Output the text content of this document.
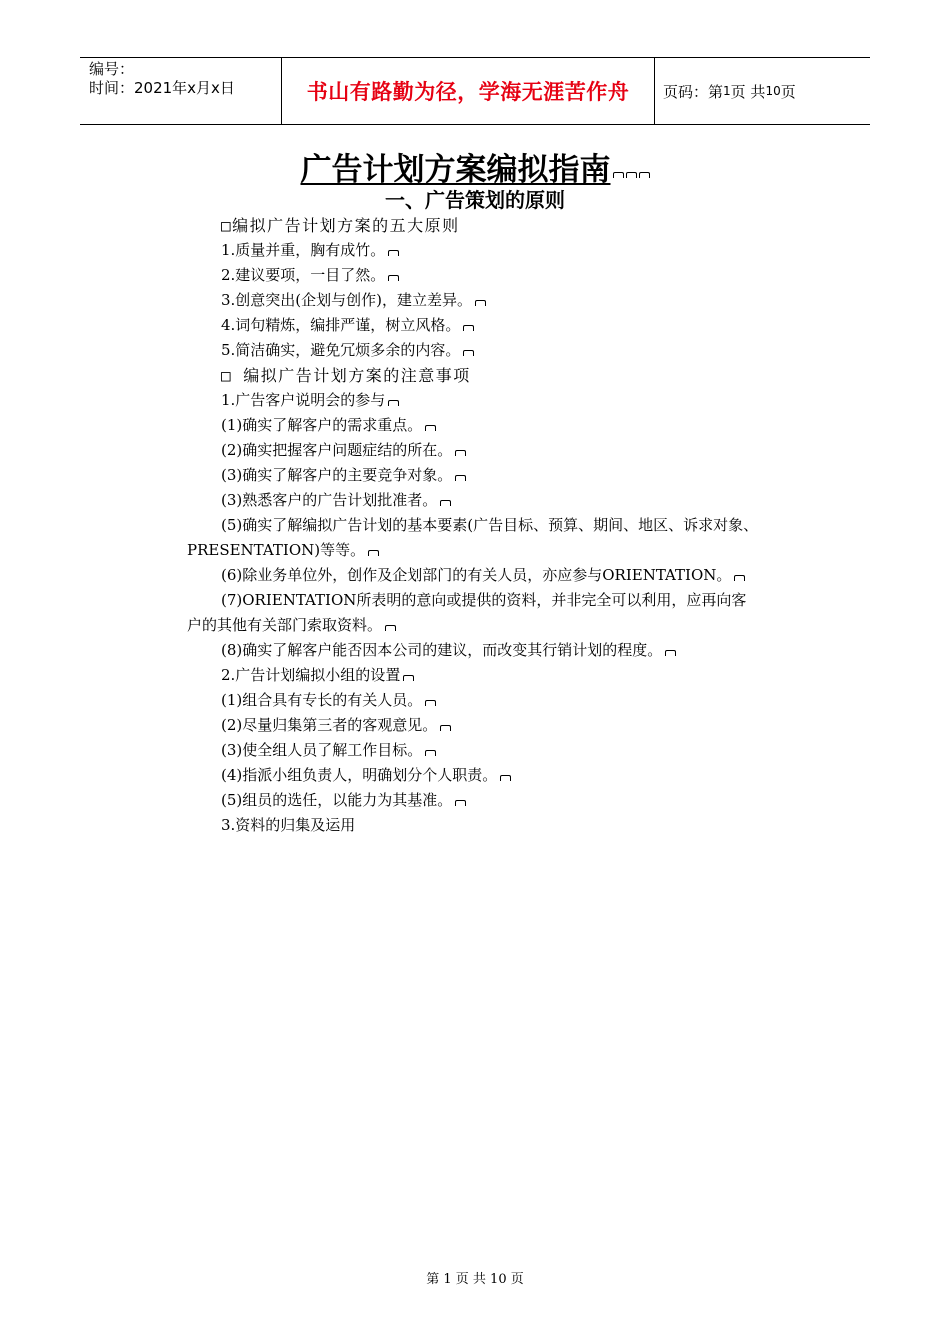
编号：
时间：2021年x月x日	书山有路勤为径，学海无涯苦作舟	页码：第 1 页 共 10 页
广告计划方案编拟指南
一、广告策划的原则
□编拟广告计划方案的五大原则
1.质量并重，胸有成竹。
2.建议要项，一目了然。
3.创意突出(企划与创作)，建立差异。
4.词句精炼，编排严谨，树立风格。
5.简洁确实，避免冗烦多余的内容。
□ 编拟广告计划方案的注意事项
1.广告客户说明会的参与
(1)确实了解客户的需求重点。
(2)确实把握客户问题症结的所在。
(3)确实了解客户的主要竞争对象。
(3)熟悉客户的广告计划批准者。
(5)确实了解编拟广告计划的基本要素(广告目标、预算、期间、地区、诉求对象、
PRESENTATION)等等。
(6)除业务单位外，创作及企划部门的有关人员，亦应参与ORIENTATION。
(7)ORIENTATION所表明的意向或提供的资料，并非完全可以利用，应再向客
户的其他有关部门索取资料。
(8)确实了解客户能否因本公司的建议，而改变其行销计划的程度。
2.广告计划编拟小组的设置
(1)组合具有专长的有关人员。
(2)尽量归集第三者的客观意见。
(3)使全组人员了解工作目标。
(4)指派小组负责人，明确划分个人职责。
(5)组员的选任，以能力为其基准。
3.资料的归集及运用
第 1 页 共 10 页
